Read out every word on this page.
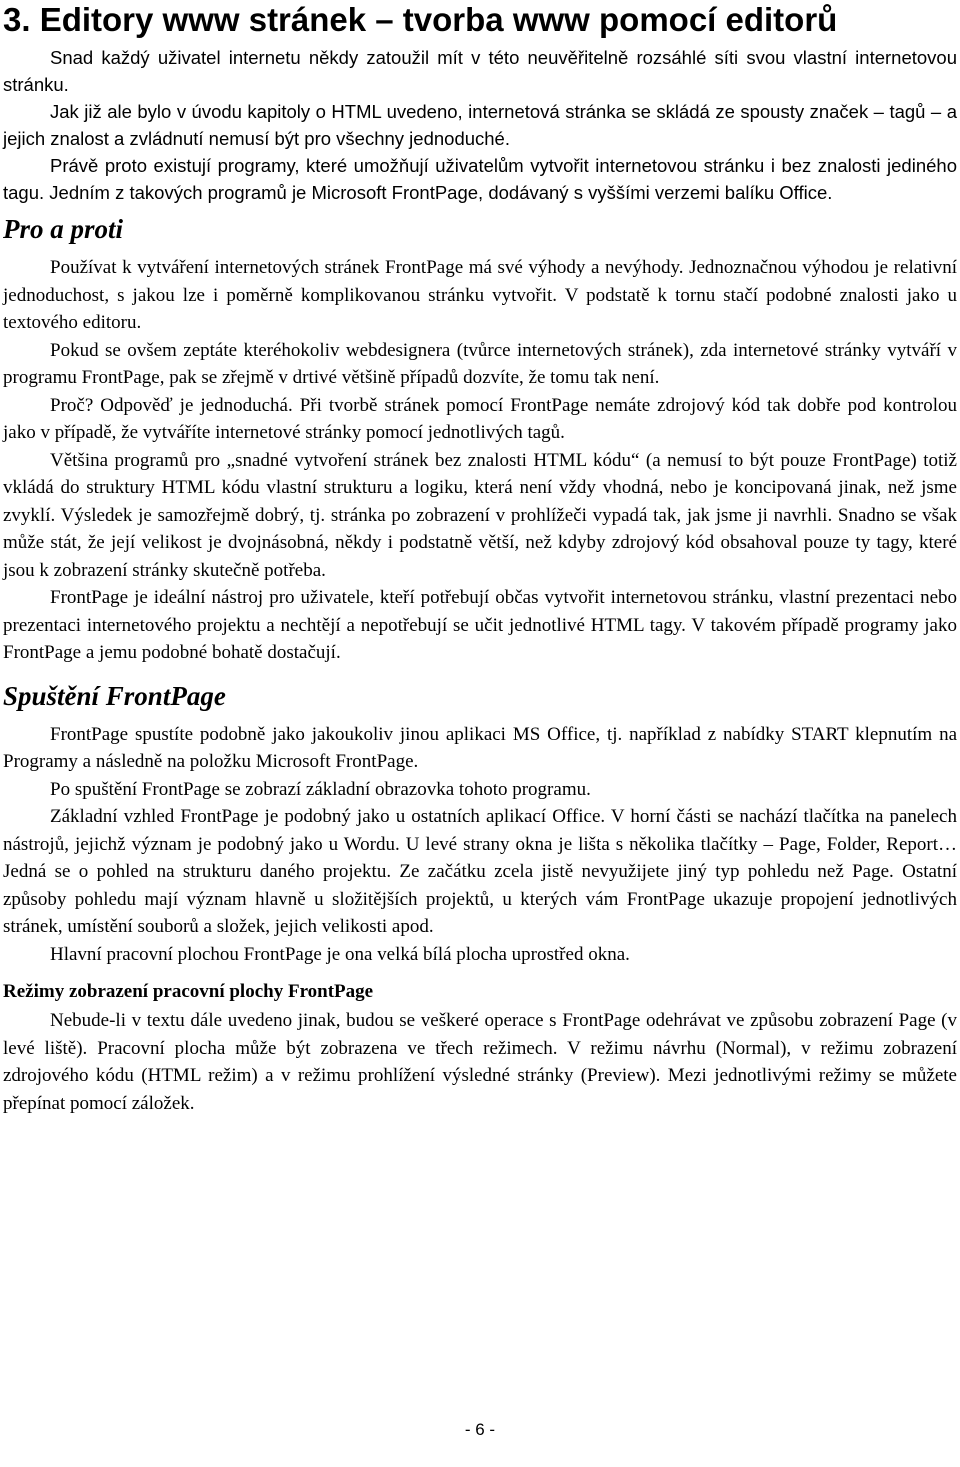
3. Editory www stránek – tvorba www pomocí editorů

Snad každý uživatel internetu někdy zatoužil mít v této neuvěřitelně rozsáhlé síti svou vlastní internetovou stránku.

Jak již ale bylo v úvodu kapitoly o HTML uvedeno, internetová stránka se skládá ze spousty značek – tagů – a jejich znalost a zvládnutí nemusí být pro všechny jednoduché.

Právě proto existují programy, které umožňují uživatelům vytvořit internetovou stránku i bez znalosti jediného tagu. Jedním z takových programů je Microsoft FrontPage, dodávaný s vyššími verzemi balíku Office.

Pro a proti

Používat k vytváření internetových stránek FrontPage má své výhody a nevýhody. Jednoznačnou výhodou je relativní jednoduchost, s jakou lze i poměrně komplikovanou stránku vytvořit. V podstatě k tornu stačí podobné znalosti jako u textového editoru.

Pokud se ovšem zeptáte kteréhokoliv webdesignera (tvůrce internetových stránek), zda internetové stránky vytváří v programu FrontPage, pak se zřejmě v drtivé většině případů dozvíte, že tomu tak není.

Proč? Odpověď je jednoduchá. Při tvorbě stránek pomocí FrontPage nemáte zdrojový kód tak dobře pod kontrolou jako v případě, že vytváříte internetové stránky pomocí jednotlivých tagů.

Většina programů pro „snadné vytvoření stránek bez znalosti HTML kódu“ (a nemusí to být pouze FrontPage) totiž vkládá do struktury HTML kódu vlastní strukturu a logiku, která není vždy vhodná, nebo je koncipovaná jinak, než jsme zvyklí. Výsledek je samozřejmě dobrý, tj. stránka po zobrazení v prohlížeči vypadá tak, jak jsme ji navrhli. Snadno se však může stát, že její velikost je dvojnásobná, někdy i podstatně větší, než kdyby zdrojový kód obsahoval pouze ty tagy, které jsou k zobrazení stránky skutečně potřeba.

FrontPage je ideální nástroj pro uživatele, kteří potřebují občas vytvořit internetovou stránku, vlastní prezentaci nebo prezentaci internetového projektu a nechtějí a nepotřebují se učit jednotlivé HTML tagy. V takovém případě programy jako FrontPage a jemu podobné bohatě dostačují.

Spuštění FrontPage

FrontPage spustíte podobně jako jakoukoliv jinou aplikaci MS Office, tj. například z nabídky START klepnutím na Programy a následně na položku Microsoft FrontPage.

Po spuštění FrontPage se zobrazí základní obrazovka tohoto programu.

Základní vzhled FrontPage je podobný jako u ostatních aplikací Office. V horní části se nachází tlačítka na panelech nástrojů, jejichž význam je podobný jako u Wordu. U levé strany okna je lišta s několika tlačítky – Page, Folder, Report… Jedná se o pohled na strukturu daného projektu. Ze začátku zcela jistě nevyužijete jiný typ pohledu než Page. Ostatní způsoby pohledu mají význam hlavně u složitějších projektů, u kterých vám FrontPage ukazuje propojení jednotlivých stránek, umístění souborů a složek, jejich velikosti apod.

Hlavní pracovní plochou FrontPage je ona velká bílá plocha uprostřed okna.

Režimy zobrazení pracovní plochy FrontPage

Nebude-li v textu dále uvedeno jinak, budou se veškeré operace s FrontPage odehrávat ve způsobu zobrazení Page (v levé liště). Pracovní plocha může být zobrazena ve třech režimech. V režimu návrhu (Normal), v režimu zobrazení zdrojového kódu (HTML režim) a v režimu prohlížení výsledné stránky (Preview). Mezi jednotlivými režimy se můžete přepínat pomocí záložek.

- 6 -
